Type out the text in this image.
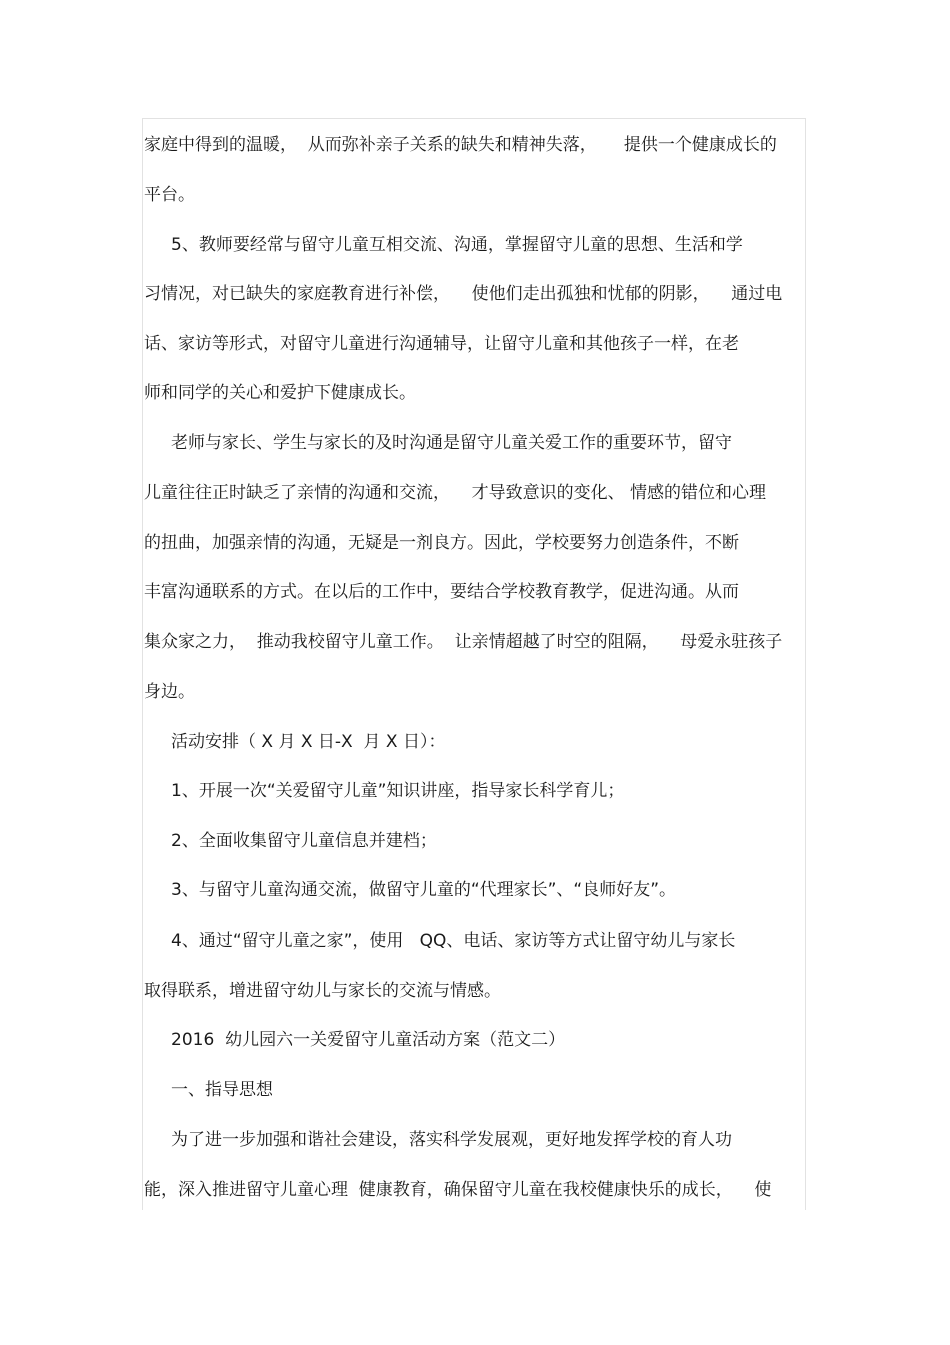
家庭中得到的温暖，  从而弥补亲子关系的缺失和精神失落，     提供一个健康成长的
平台。
5、教师要经常与留守儿童互相交流、沟通，掌握留守儿童的思想、生活和学
习情况，对已缺失的家庭教育进行补偿，    使他们走出孤独和忧郁的阴影，    通过电
话、家访等形式，对留守儿童进行沟通辅导，让留守儿童和其他孩子一样，在老
师和同学的关心和爱护下健康成长。
老师与家长、学生与家长的及时沟通是留守儿童关爱工作的重要环节，留守
儿童往往正时缺乏了亲情的沟通和交流，    才导致意识的变化、 情感的错位和心理
的扭曲，加强亲情的沟通，无疑是一剂良方。因此，学校要努力创造条件，不断
丰富沟通联系的方式。在以后的工作中，要结合学校教育教学，促进沟通。从而
集众家之力，  推动我校留守儿童工作。  让亲情超越了时空的阻隔，    母爱永驻孩子
身边。
活动安排（ X 月 X 日-X  月 X 日）：
1、开展一次“关爱留守儿童”知识讲座，指导家长科学育儿；
2、全面收集留守儿童信息并建档；
3、与留守儿童沟通交流，做留守儿童的“代理家长”、“良师好友”。
4、通过“留守儿童之家”，使用   QQ、电话、家访等方式让留守幼儿与家长
取得联系，增进留守幼儿与家长的交流与情感。
2016  幼儿园六一关爱留守儿童活动方案（范文二）
一、指导思想
为了进一步加强和谐社会建设，落实科学发展观，更好地发挥学校的育人功
能，深入推进留守儿童心理  健康教育，确保留守儿童在我校健康快乐的成长，    使
